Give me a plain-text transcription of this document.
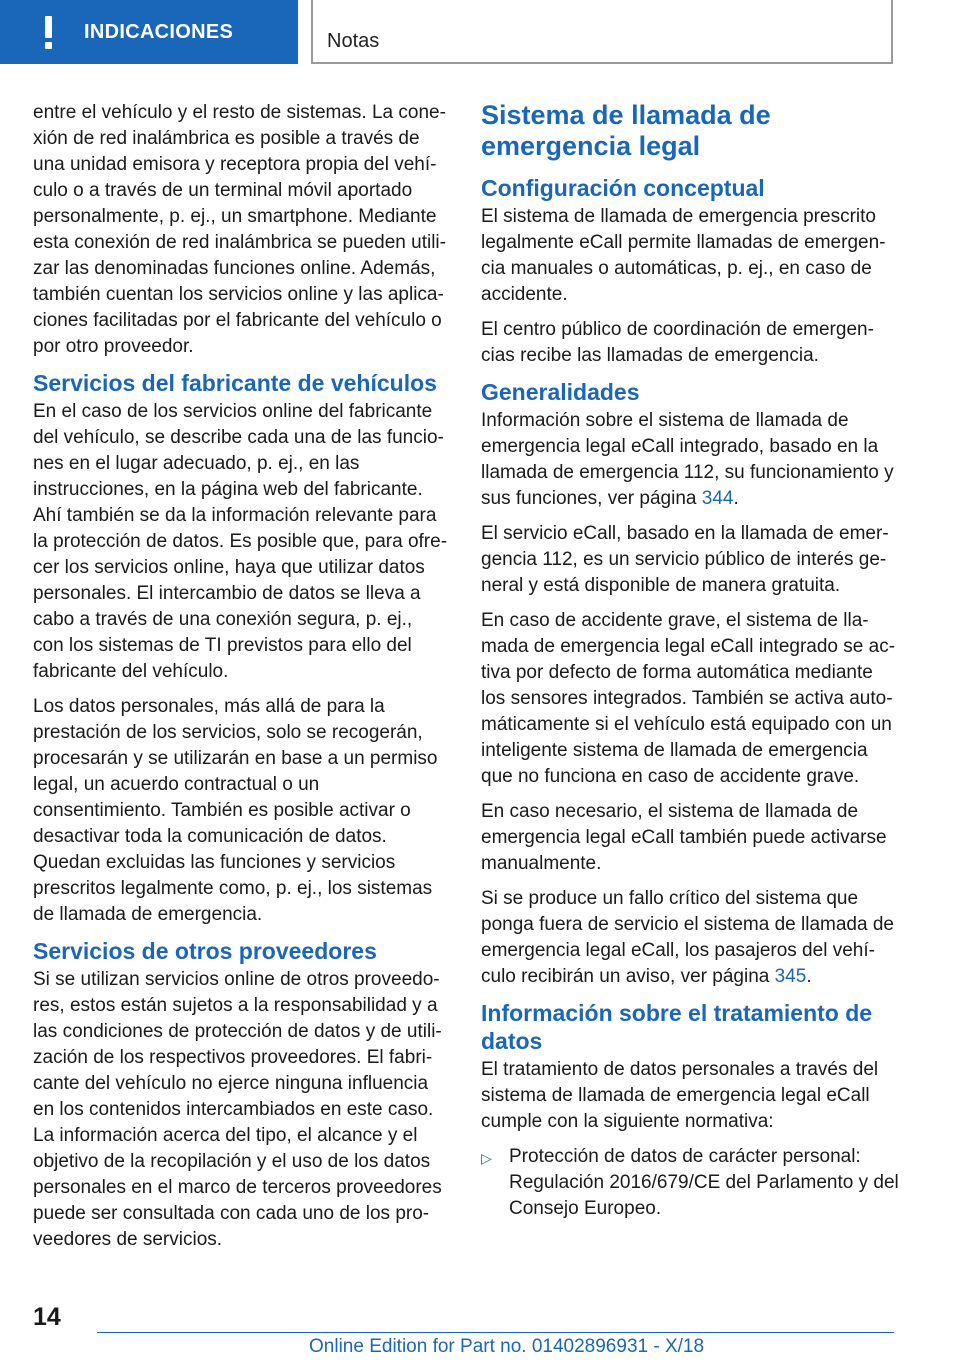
INDICACIONES	Notas

entre el vehículo y el resto de sistemas. La conexión de red inalámbrica es posible a través de una unidad emisora y receptora propia del vehículo o a través de un terminal móvil aportado personalmente, p. ej., un smartphone. Mediante esta conexión de red inalámbrica se pueden utilizar las denominadas funciones online. Además, también cuentan los servicios online y las aplicaciones facilitadas por el fabricante del vehículo o por otro proveedor.

Servicios del fabricante de vehículos

En el caso de los servicios online del fabricante del vehículo, se describe cada una de las funciones en el lugar adecuado, p. ej., en las instrucciones, en la página web del fabricante. Ahí también se da la información relevante para la protección de datos. Es posible que, para ofrecer los servicios online, haya que utilizar datos personales. El intercambio de datos se lleva a cabo a través de una conexión segura, p. ej., con los sistemas de TI previstos para ello del fabricante del vehículo.

Los datos personales, más allá de para la prestación de los servicios, solo se recogerán, procesarán y se utilizarán en base a un permiso legal, un acuerdo contractual o un consentimiento. También es posible activar o desactivar toda la comunicación de datos. Quedan excluidas las funciones y servicios prescritos legalmente como, p. ej., los sistemas de llamada de emergencia.

Servicios de otros proveedores

Si se utilizan servicios online de otros proveedores, estos están sujetos a la responsabilidad y a las condiciones de protección de datos y de utilización de los respectivos proveedores. El fabricante del vehículo no ejerce ninguna influencia en los contenidos intercambiados en este caso. La información acerca del tipo, el alcance y el objetivo de la recopilación y el uso de los datos personales en el marco de terceros proveedores puede ser consultada con cada uno de los proveedores de servicios.

Sistema de llamada de emergencia legal
Configuración conceptual

El sistema de llamada de emergencia prescrito legalmente eCall permite llamadas de emergencia manuales o automáticas, p. ej., en caso de accidente.

El centro público de coordinación de emergencias recibe las llamadas de emergencia.

Generalidades

Información sobre el sistema de llamada de emergencia legal eCall integrado, basado en la llamada de emergencia 112, su funcionamiento y sus funciones, ver página 344.

El servicio eCall, basado en la llamada de emergencia 112, es un servicio público de interés general y está disponible de manera gratuita.

En caso de accidente grave, el sistema de llamada de emergencia legal eCall integrado se activa por defecto de forma automática mediante los sensores integrados. También se activa automáticamente si el vehículo está equipado con un inteligente sistema de llamada de emergencia que no funciona en caso de accidente grave.

En caso necesario, el sistema de llamada de emergencia legal eCall también puede activarse manualmente.

Si se produce un fallo crítico del sistema que ponga fuera de servicio el sistema de llamada de emergencia legal eCall, los pasajeros del vehículo recibirán un aviso, ver página 345.

Información sobre el tratamiento de datos

El tratamiento de datos personales a través del sistema de llamada de emergencia legal eCall cumple con la siguiente normativa:

▷ Protección de datos de carácter personal: Regulación 2016/679/CE del Parlamento y del Consejo Europeo.
14
Online Edition for Part no. 01402896931 - X/18
